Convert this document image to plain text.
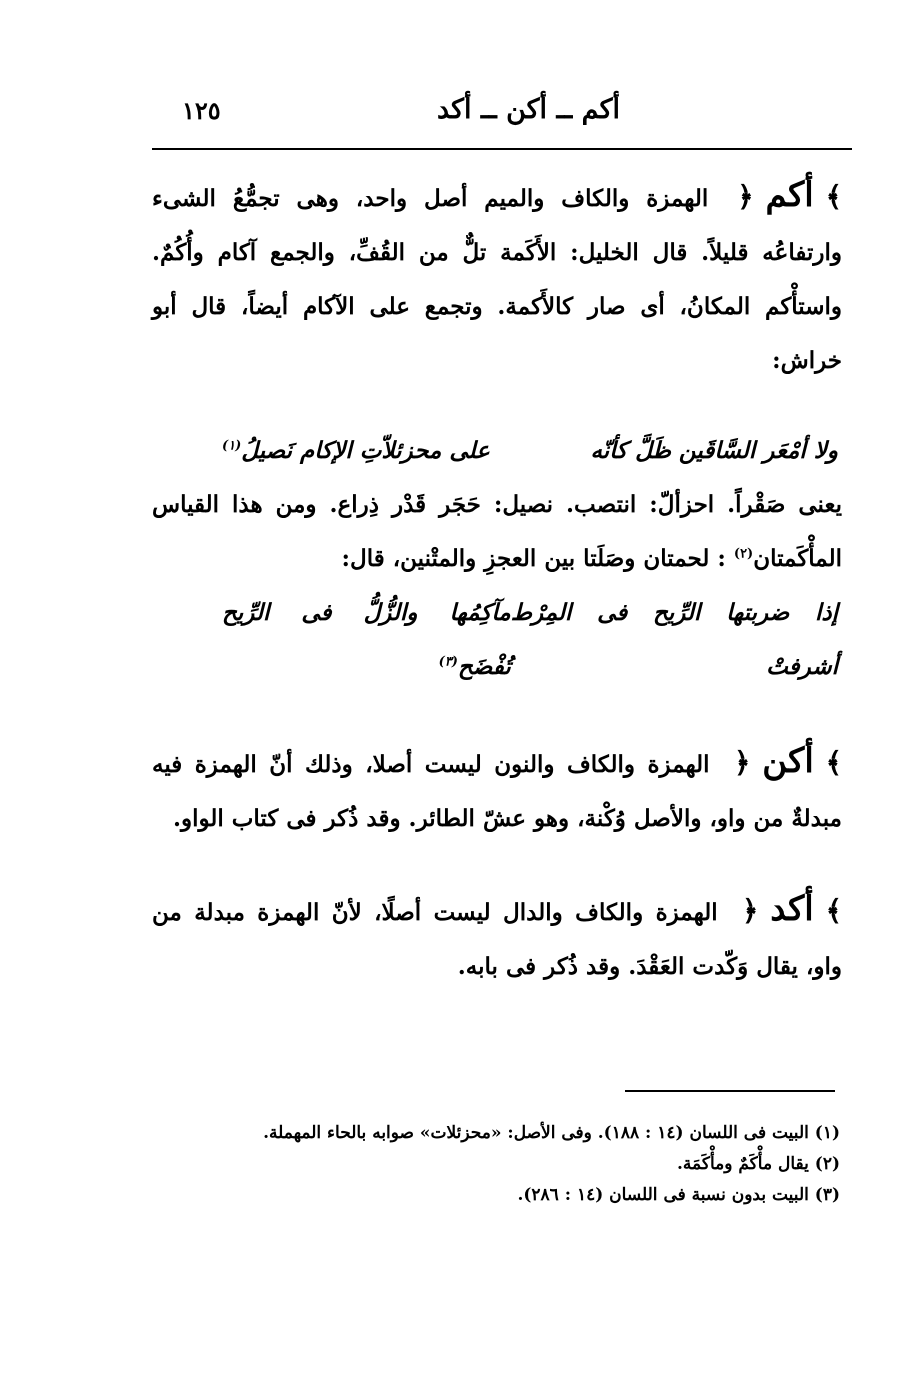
أكم ــ أكن ــ أكد
١٢٥

﴾ أكم ﴿ الهمزة والكاف والميم أصل واحد، وهى تجمُّعُ الشىء وارتفاعُه قليلاً. قال الخليل: الأَكَمة تلٌّ من القُفِّ، والجمع آكام وأُكُمٌ. واستأْكم المكانُ، أى صار كالأَكمة. وتجمع على الآكام أيضاً، قال أبو خراش:

ولا أمْعَر السَّاقَين ظَلَّ كأنّه
على محزئلاّتِ الإكام نَصيلُ$^{(١)}$

يعنى صَقْراً. احزألّ: انتصب. نصيل: حَجَر قَدْر ذِراع. ومن هذا القياس المأْكَمتان$^{(٢)}$ : لحمتان وصَلَتا بين العجزِ والمتْنين، قال:

إذا ضربتها الرِّيح فى المِرْط أشرفتْ
مآكِمُها والزُّلُّ فى الرِّيح تُفْضَح$^{(٣)}$

﴾ أكن ﴿ الهمزة والكاف والنون ليست أصلا، وذلك أنّ الهمزة فيه مبدلةٌ من واو، والأصل وُكْنة، وهو عشّ الطائر. وقد ذُكر فى كتاب الواو.

﴾ أكد ﴿ الهمزة والكاف والدال ليست أصلًا، لأنّ الهمزة مبدلة من واو، يقال وَكّدت العَقْدَ. وقد ذُكر فى بابه.

(١) البيت فى اللسان (١٤ : ١٨٨). وفى الأصل: «محزئلات» صوابه بالحاء المهملة.
(٢) يقال مأْكَمٌ ومأْكَمَة.
(٣) البيت بدون نسبة فى اللسان (١٤ : ٢٨٦).
